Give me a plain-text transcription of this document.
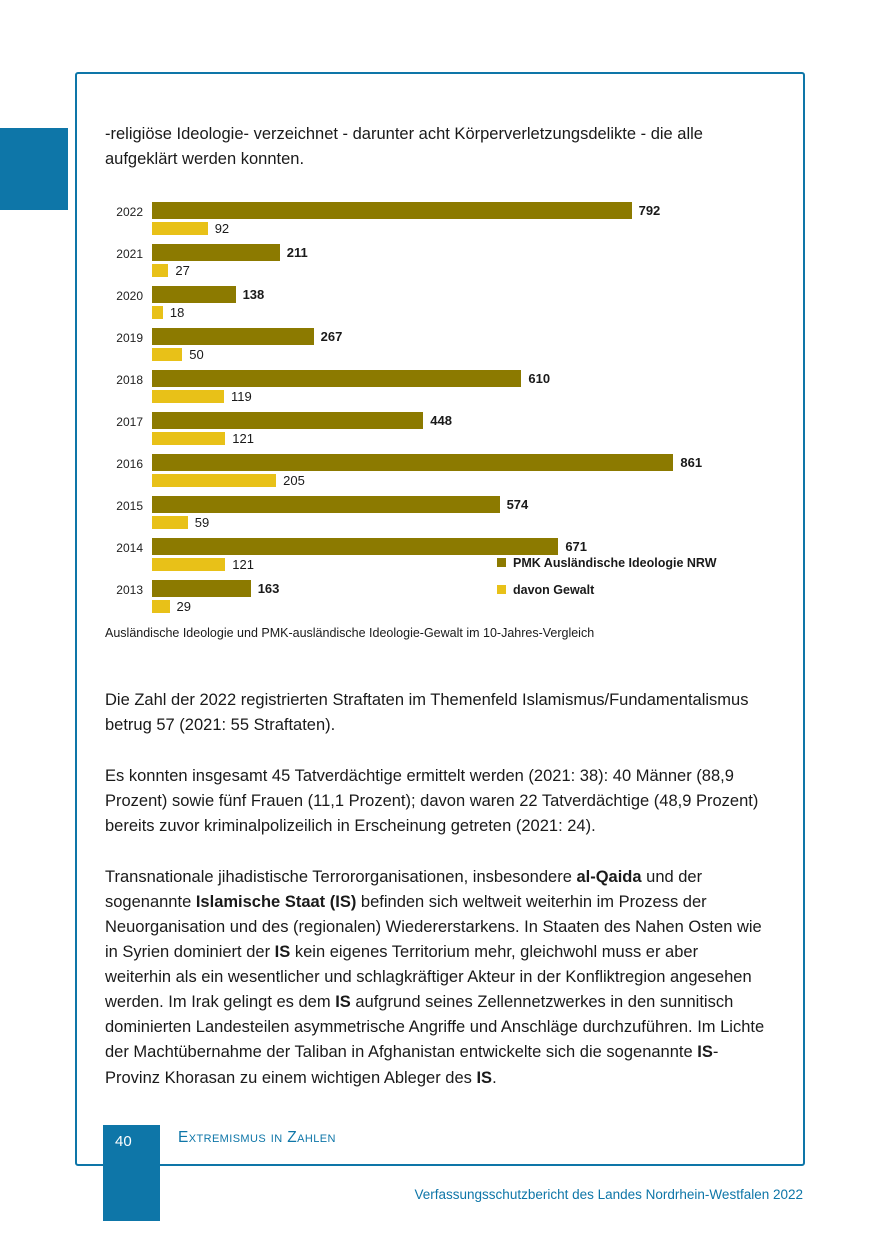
-religiöse Ideologie- verzeichnet - darunter acht Körperverletzungsdelikte - die alle aufgeklärt werden konnten.

2022	792
92
2021	211
27
2020	138
18
2019	267
50
2018	610
119
2017	448
121
2016	861
205
2015	574
59
2014	671
121
2013	163
29
PMK Ausländische Ideologie NRW
davon Gewalt

Ausländische Ideologie und PMK-ausländische Ideologie-Gewalt im 10-Jahres-Vergleich

Die Zahl der 2022 registrierten Straftaten im Themenfeld Islamismus/Fundamentalismus betrug 57 (2021: 55 Straftaten).

Es konnten insgesamt 45 Tatverdächtige ermittelt werden (2021: 38): 40 Männer (88,9 Prozent) sowie fünf Frauen (11,1 Prozent); davon waren 22 Tatverdächtige (48,9 Prozent) bereits zuvor kriminalpolizeilich in Erscheinung getreten (2021: 24).

Transnationale jihadistische Terrororganisationen, insbesondere al-Qaida und der sogenannte Islamische Staat (IS) befinden sich weltweit weiterhin im Prozess der Neuorganisation und des (regionalen) Wiedererstarkens. In Staaten des Nahen Osten wie in Syrien dominiert der IS kein eigenes Territorium mehr, gleichwohl muss er aber weiterhin als ein wesentlicher und schlagkräftiger Akteur in der Konfliktregion angesehen werden. Im Irak gelingt es dem IS aufgrund seines Zellennetzwerkes in den sunnitisch dominierten Landesteilen asymmetrische Angriffe und Anschläge durchzuführen. Im Lichte der Machtübernahme der Taliban in Afghanistan entwickelte sich die sogenannte IS-Provinz Khorasan zu einem wichtigen Ableger des IS.

40	Extremismus in Zahlen
Verfassungsschutzbericht des Landes Nordrhein-Westfalen 2022
